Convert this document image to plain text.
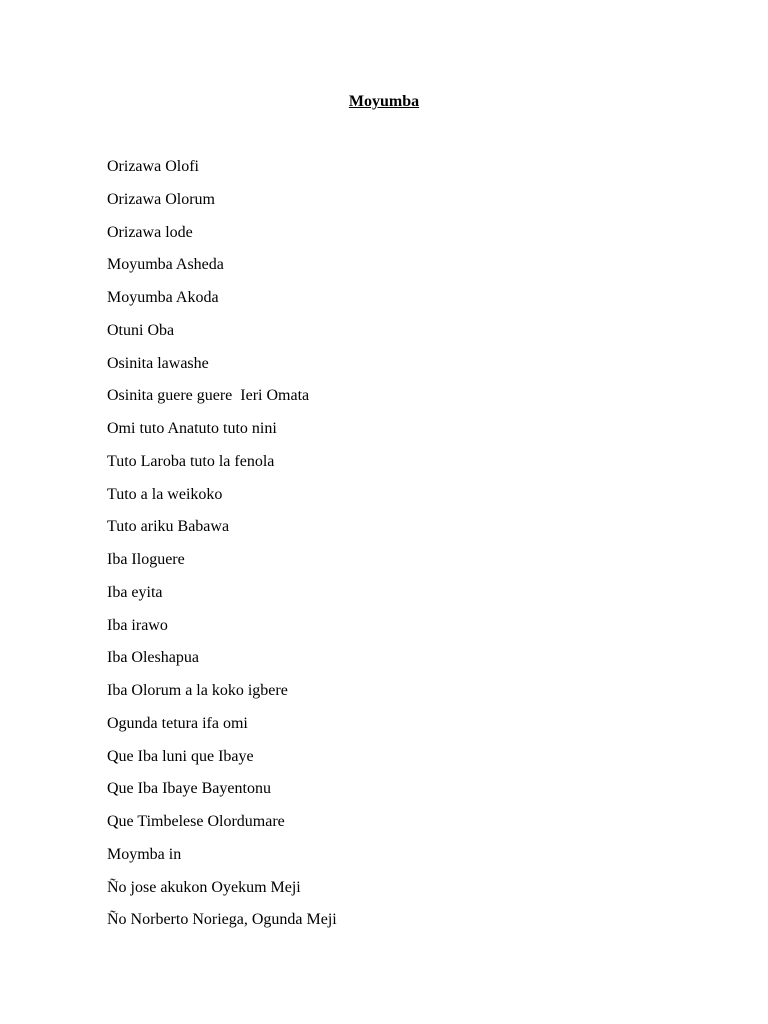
Moyumba
Orizawa Olofi
Orizawa Olorum
Orizawa lode
Moyumba Asheda
Moyumba Akoda
Otuni Oba
Osinita lawashe
Osinita guere guere  Ieri Omata
Omi tuto Anatuto tuto nini
Tuto Laroba tuto la fenola
Tuto a la weikoko
Tuto ariku Babawa
Iba Iloguere
Iba eyita
Iba irawo
Iba Oleshapua
Iba Olorum a la koko igbere
Ogunda tetura ifa omi
Que Iba luni que Ibaye
Que Iba Ibaye Bayentonu
Que Timbelese Olordumare
Moymba in
Ño jose akukon Oyekum Meji
Ño Norberto Noriega, Ogunda Meji
